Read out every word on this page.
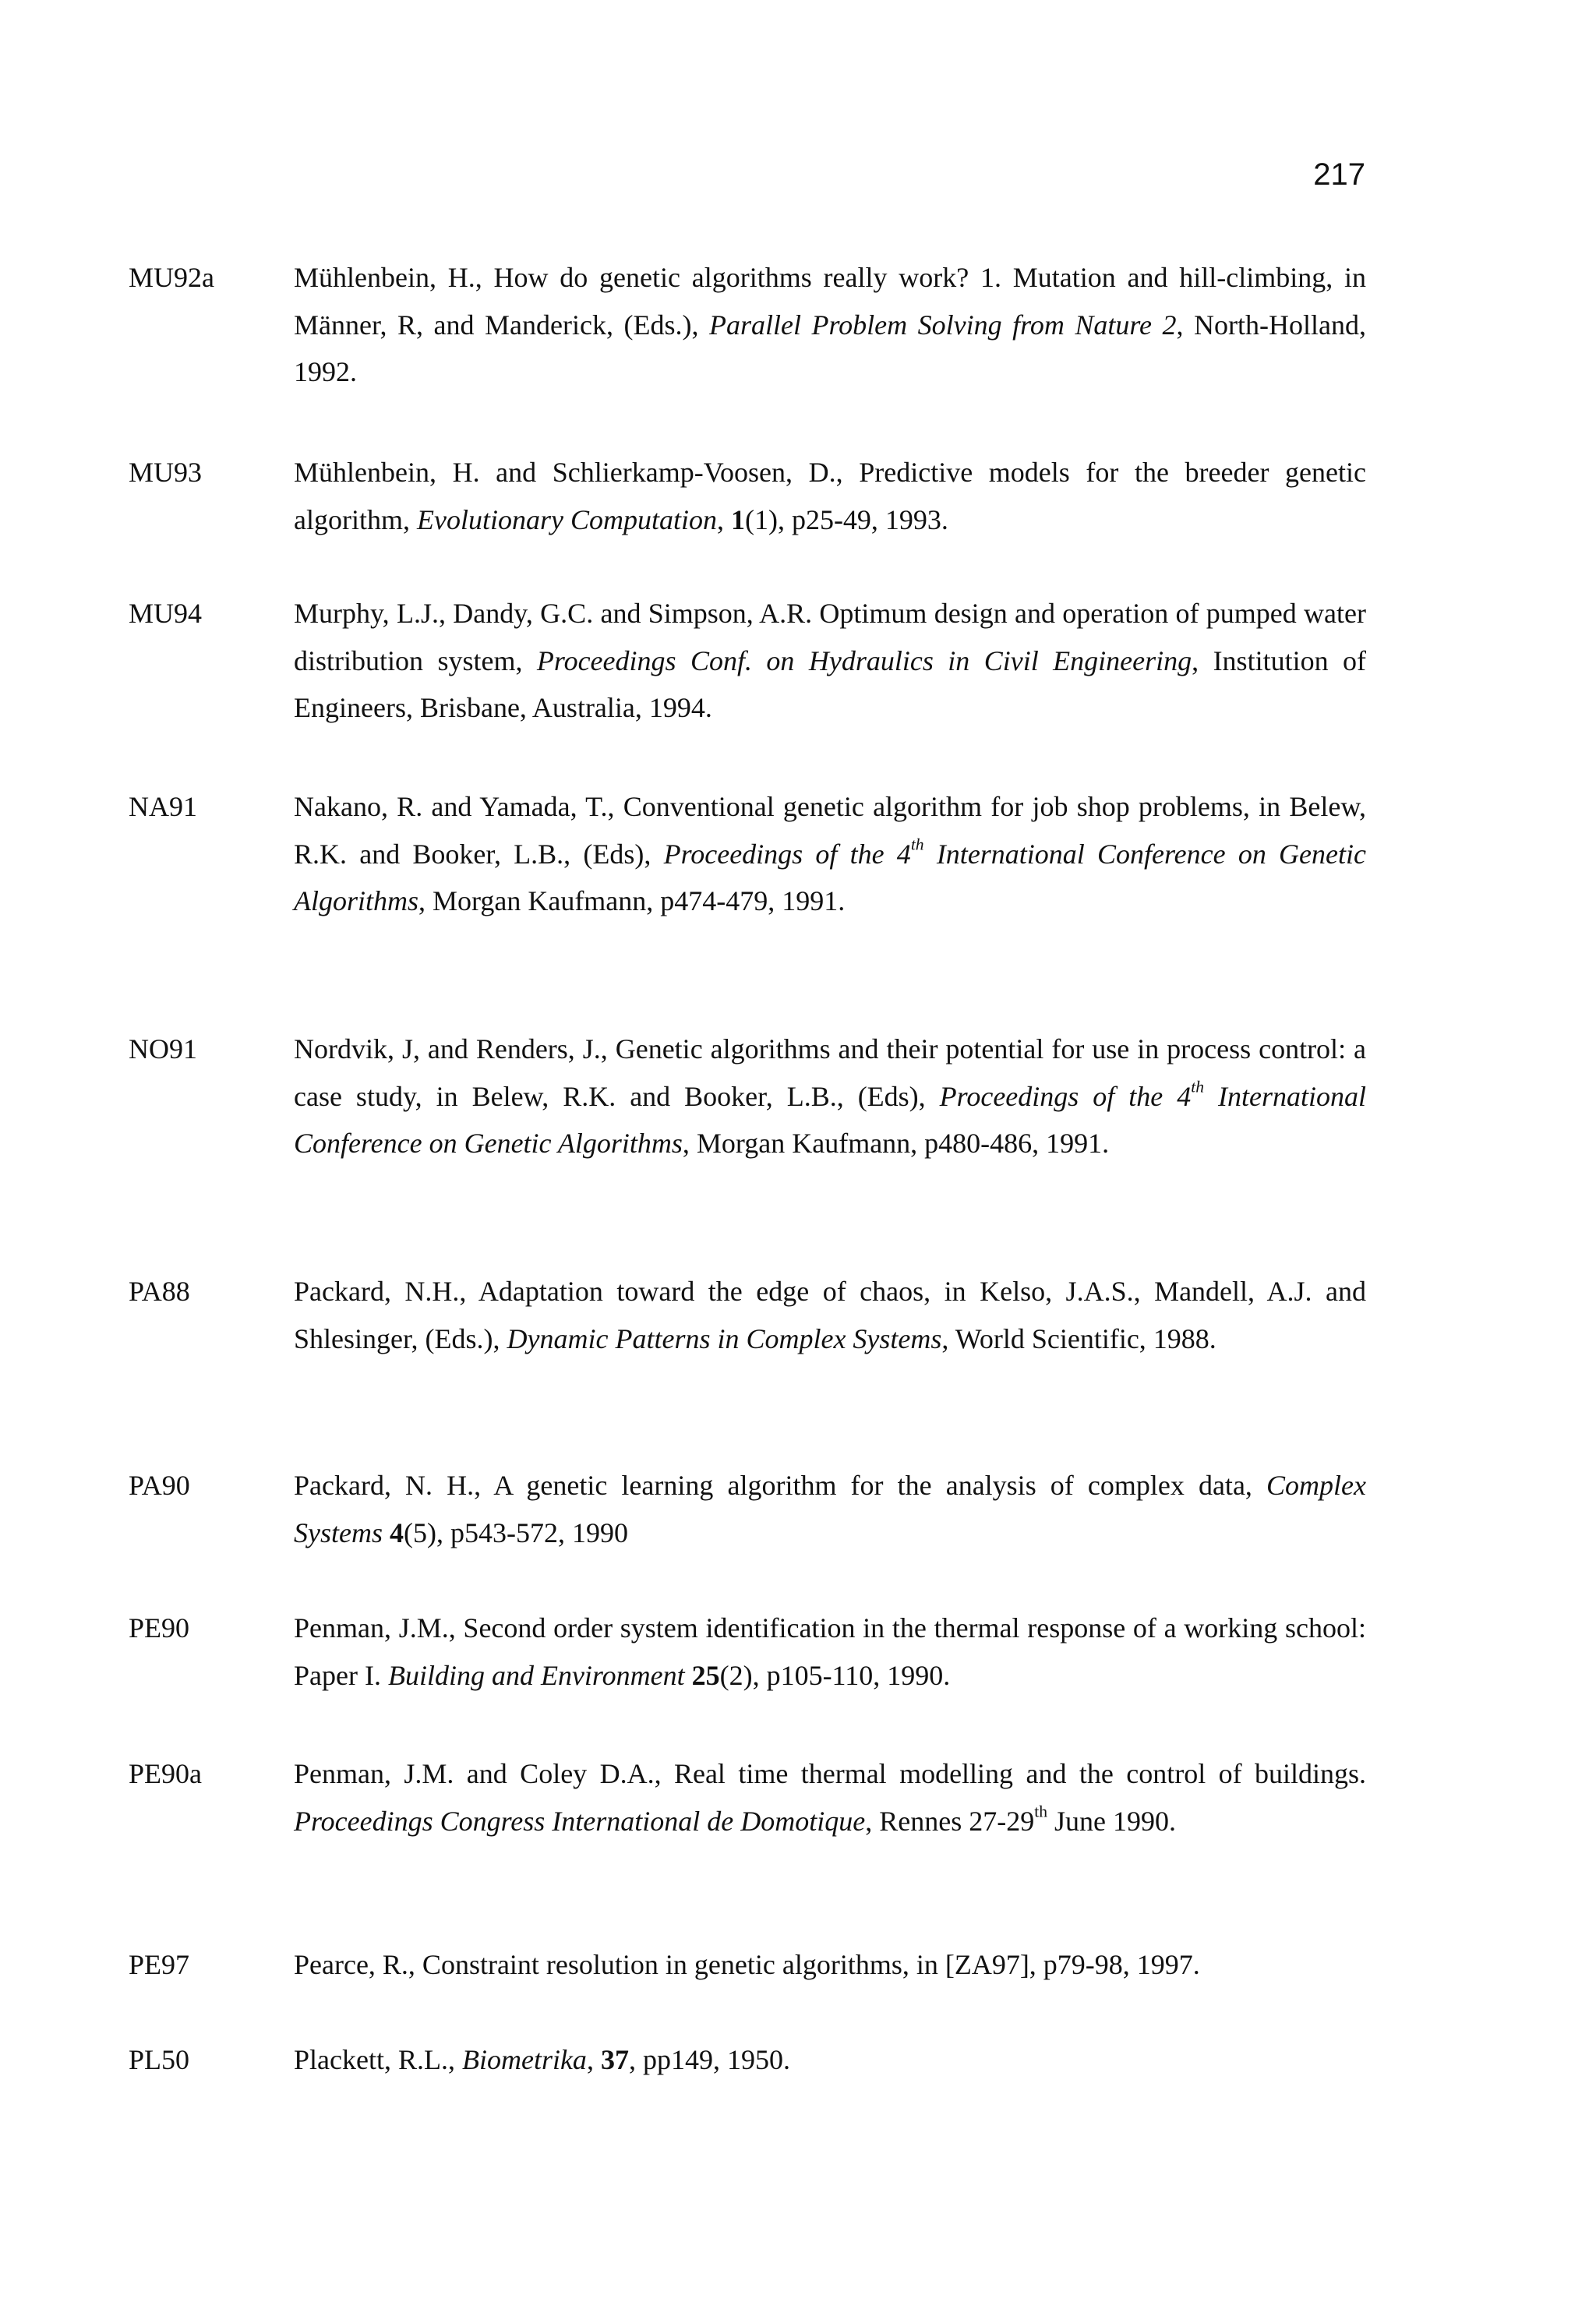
217
MU92a	Mühlenbein, H., How do genetic algorithms really work? 1. Mutation and hill-climbing, in Männer, R, and Manderick, (Eds.), Parallel Problem Solving from Nature 2, North-Holland, 1992.

MU93	Mühlenbein, H. and Schlierkamp-Voosen, D., Predictive models for the breeder genetic algorithm, Evolutionary Computation, 1(1), p25-49, 1993.

MU94	Murphy, L.J., Dandy, G.C. and Simpson, A.R. Optimum design and operation of pumped water distribution system, Proceedings Conf. on Hydraulics in Civil Engineering, Institution of Engineers, Brisbane, Australia, 1994.

NA91	Nakano, R. and Yamada, T., Conventional genetic algorithm for job shop problems, in Belew, R.K. and Booker, L.B., (Eds), Proceedings of the 4th International Conference on Genetic Algorithms, Morgan Kaufmann, p474-479, 1991.

NO91	Nordvik, J, and Renders, J., Genetic algorithms and their potential for use in process control: a case study, in Belew, R.K. and Booker, L.B., (Eds), Proceedings of the 4th International Conference on Genetic Algorithms, Morgan Kaufmann, p480-486, 1991.

PA88	Packard, N.H., Adaptation toward the edge of chaos, in Kelso, J.A.S., Mandell, A.J. and Shlesinger, (Eds.), Dynamic Patterns in Complex Systems, World Scientific, 1988.

PA90	Packard, N. H., A genetic learning algorithm for the analysis of complex data, Complex Systems 4(5), p543-572, 1990

PE90	Penman, J.M., Second order system identification in the thermal response of a working school: Paper I. Building and Environment 25(2), p105-110, 1990.

PE90a	Penman, J.M. and Coley D.A., Real time thermal modelling and the control of buildings. Proceedings Congress International de Domotique, Rennes 27-29th June 1990.

PE97	Pearce, R., Constraint resolution in genetic algorithms, in [ZA97], p79-98, 1997.

PL50	Plackett, R.L., Biometrika, 37, pp149, 1950.
